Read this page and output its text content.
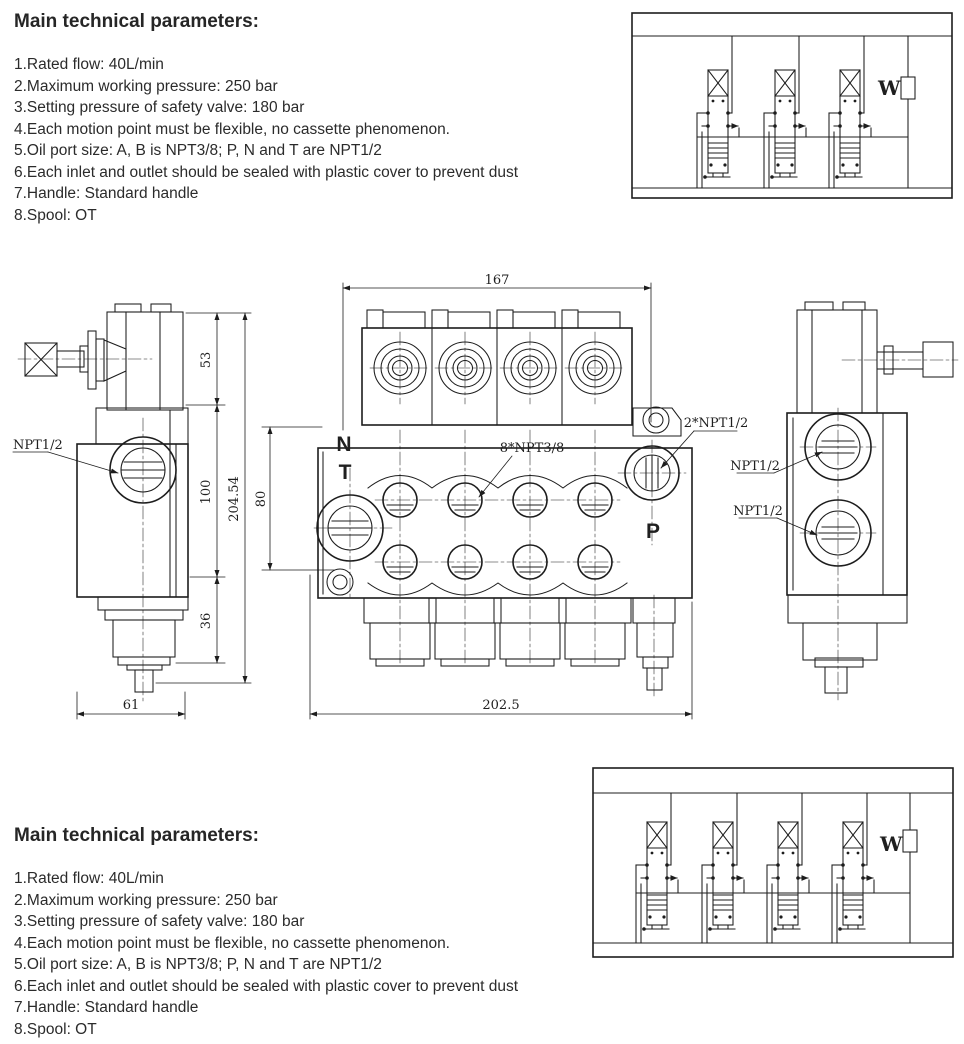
Main technical parameters:
1.Rated flow: 40L/min
2.Maximum working pressure: 250 bar
3.Setting pressure of safety valve: 180 bar
4.Each motion point must be flexible, no cassette phenomenon.
5.Oil port size: A, B is NPT3/8; P, N and T are NPT1/2
6.Each inlet and outlet should be sealed with plastic cover to prevent dust
7.Handle: Standard handle
8.Spool: OT
Main technical parameters:
1.Rated flow: 40L/min
2.Maximum working pressure: 250 bar
3.Setting pressure of safety valve: 180 bar
4.Each motion point must be flexible, no cassette phenomenon.
5.Oil port size: A, B is NPT3/8; P, N and T are NPT1/2
6.Each inlet and outlet should be sealed with plastic cover to prevent dust
7.Handle: Standard handle
8.Spool: OT
W
W
NPT1/2
53
100
36
204.54
61
167
N
T
P
8*NPT3/8
2*NPT1/2
80
202.5
NPT1/2
NPT1/2
